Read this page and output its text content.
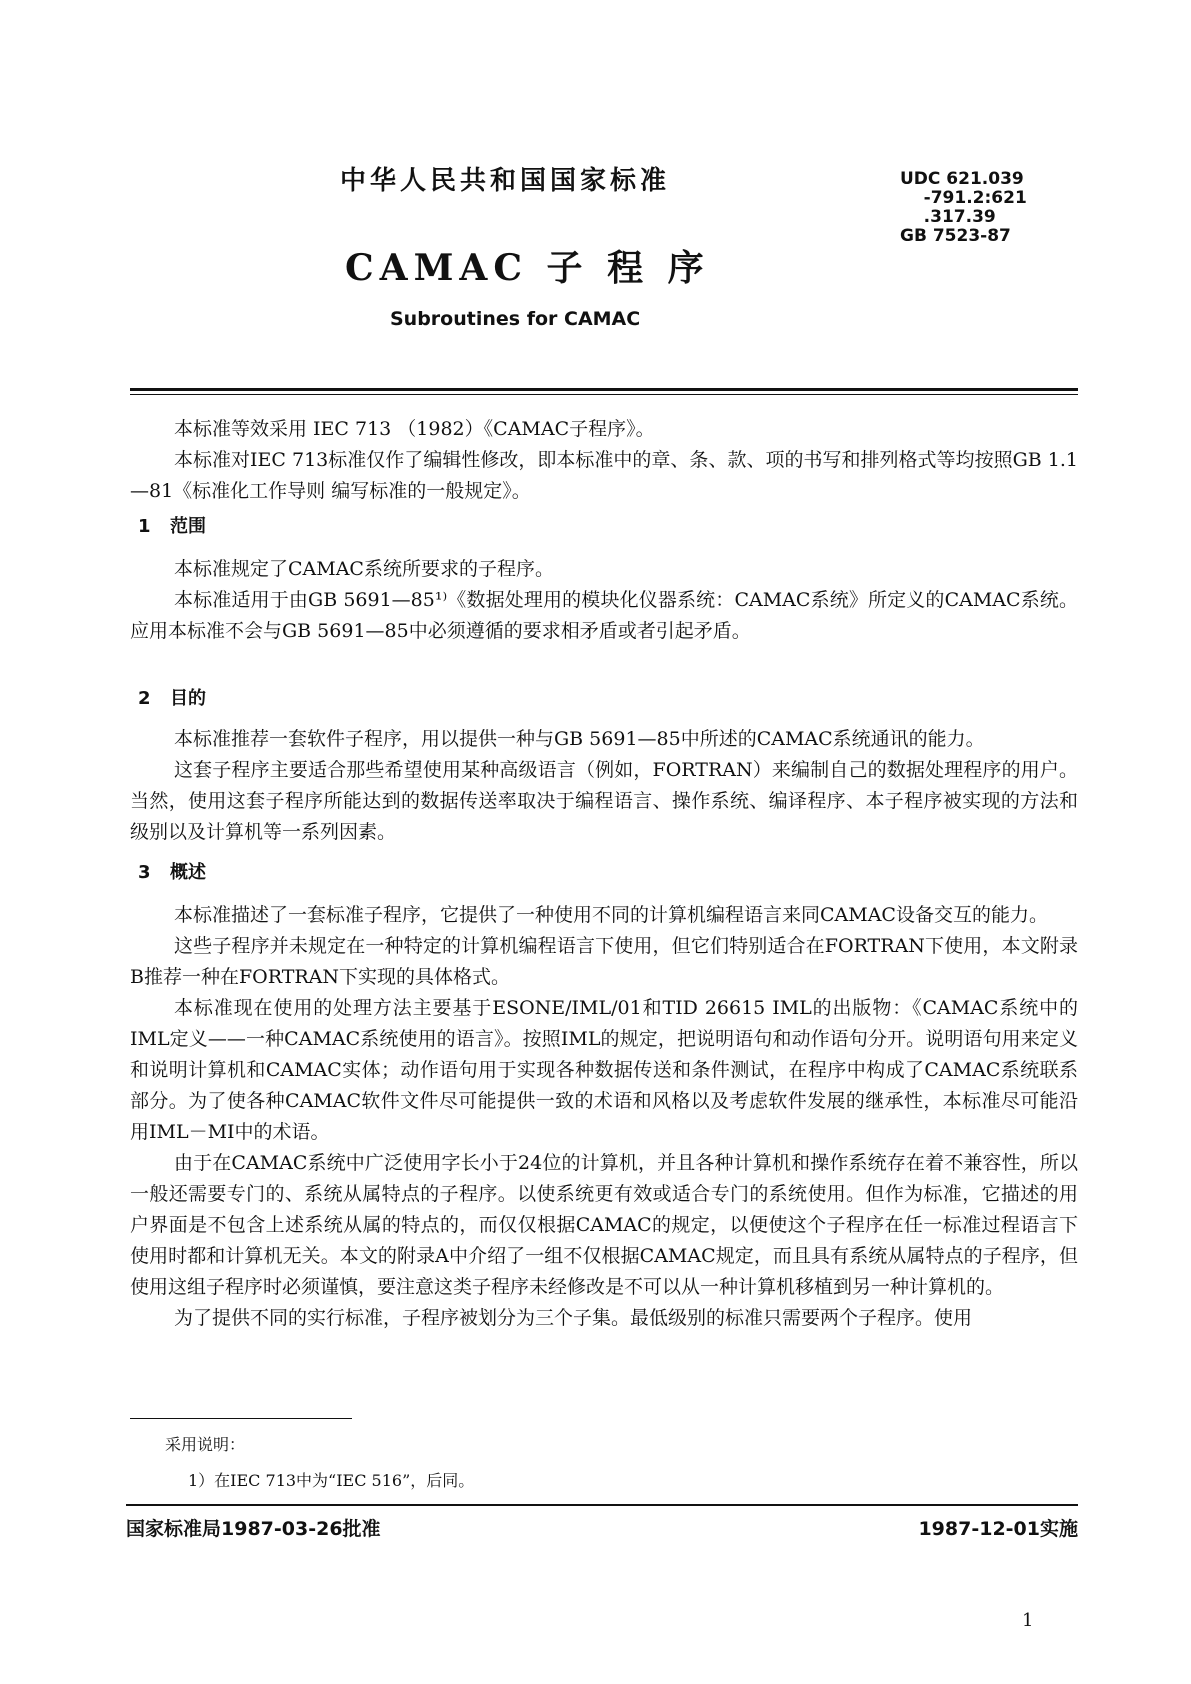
中华人民共和国国家标准	UDC 621.039
-791.2:621
.317.39
GB 7523-87
CAMAC 子 程 序
Subroutines for CAMAC

本标准等效采用 IEC 713 （1982）《CAMAC子程序》。

本标准对IEC 713标准仅作了编辑性修改，即本标准中的章、条、款、项的书写和排列格式等均按照GB 1.1—81《标准化工作导则 编写标准的一般规定》。

1 范围

本标准规定了CAMAC系统所要求的子程序。

本标准适用于由GB 5691—85¹⁾《数据处理用的模块化仪器系统：CAMAC系统》所定义的CAMAC系统。应用本标准不会与GB 5691—85中必须遵循的要求相矛盾或者引起矛盾。

2 目的

本标准推荐一套软件子程序，用以提供一种与GB 5691—85中所述的CAMAC系统通讯的能力。

这套子程序主要适合那些希望使用某种高级语言（例如，FORTRAN）来编制自己的数据处理程序的用户。当然，使用这套子程序所能达到的数据传送率取决于编程语言、操作系统、编译程序、本子程序被实现的方法和级别以及计算机等一系列因素。

3 概述

本标准描述了一套标准子程序，它提供了一种使用不同的计算机编程语言来同CAMAC设备交互的能力。

这些子程序并未规定在一种特定的计算机编程语言下使用，但它们特别适合在FORTRAN下使用，本文附录B推荐一种在FORTRAN下实现的具体格式。

本标准现在使用的处理方法主要基于ESONE/IML/01和TID 26615 IML的出版物：《CAMAC系统中的IML定义——一种CAMAC系统使用的语言》。按照IML的规定，把说明语句和动作语句分开。说明语句用来定义和说明计算机和CAMAC实体；动作语句用于实现各种数据传送和条件测试，在程序中构成了CAMAC系统联系部分。为了使各种CAMAC软件文件尽可能提供一致的术语和风格以及考虑软件发展的继承性，本标准尽可能沿用IML－MI中的术语。

由于在CAMAC系统中广泛使用字长小于24位的计算机，并且各种计算机和操作系统存在着不兼容性，所以一般还需要专门的、系统从属特点的子程序。以使系统更有效或适合专门的系统使用。但作为标准，它描述的用户界面是不包含上述系统从属的特点的，而仅仅根据CAMAC的规定，以便使这个子程序在任一标准过程语言下使用时都和计算机无关。本文的附录A中介绍了一组不仅根据CAMAC规定，而且具有系统从属特点的子程序，但使用这组子程序时必须谨慎，要注意这类子程序未经修改是不可以从一种计算机移植到另一种计算机的。

为了提供不同的实行标准，子程序被划分为三个子集。最低级别的标准只需要两个子程序。使用

采用说明：
1）在IEC 713中为“IEC 516”，后同。
国家标准局1987-03-26批准	1987-12-01实施
1
